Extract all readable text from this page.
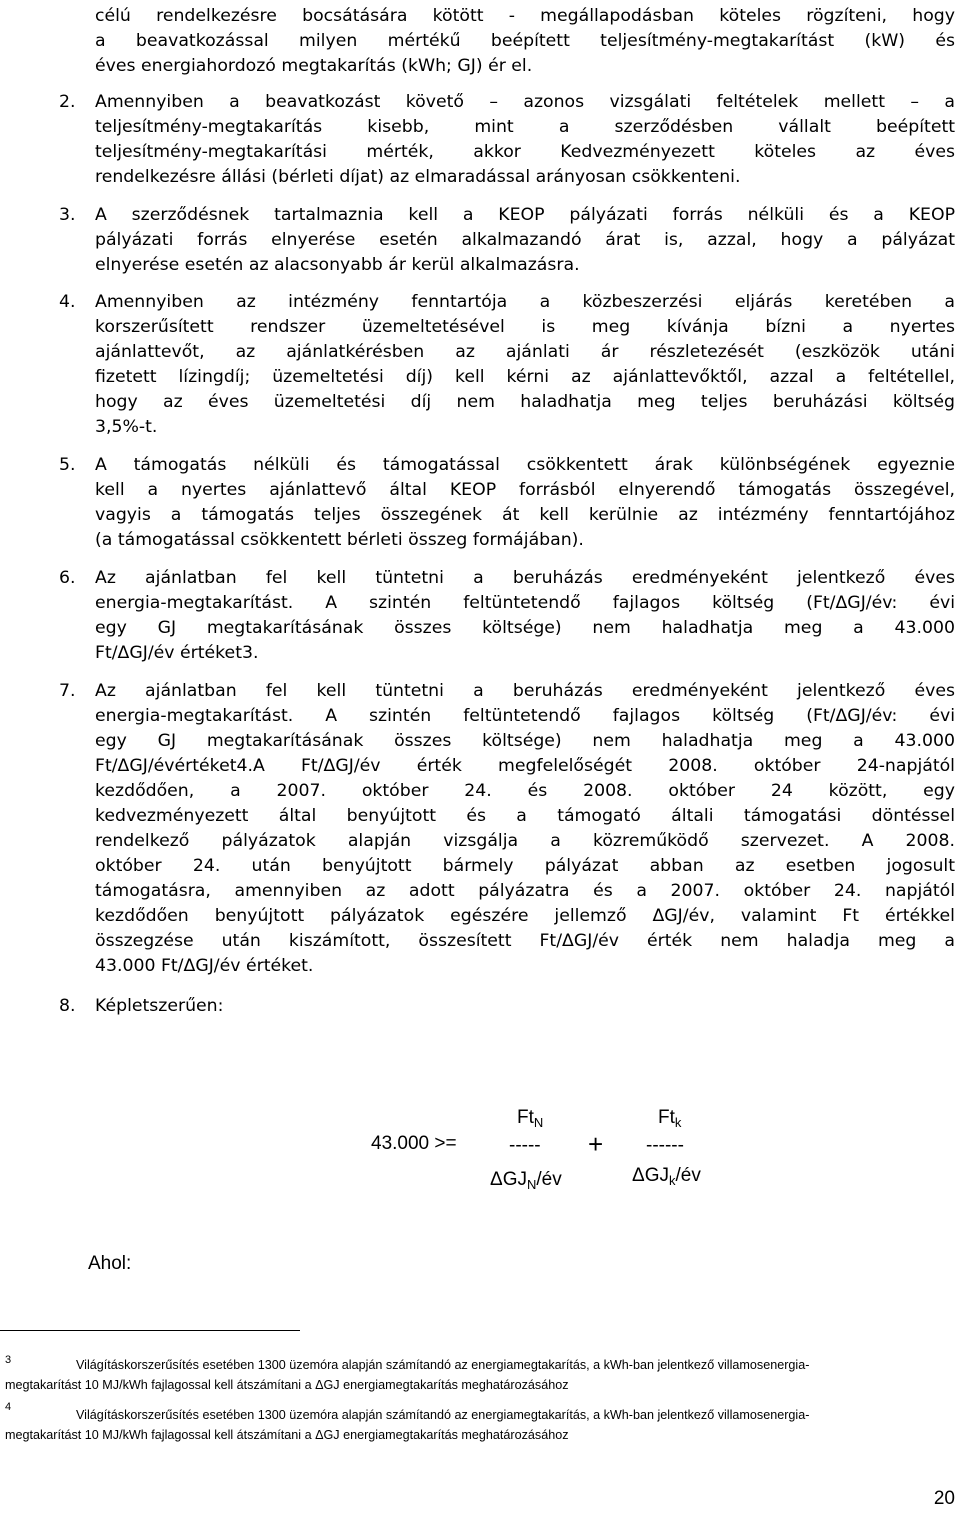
célú rendelkezésre bocsátására kötött - megállapodásban köteles rögzíteni, hogy
a beavatkozással milyen mértékű beépített teljesítmény-megtakarítást (kW) és
éves energiahordozó megtakarítás (kWh; GJ) ér el.
2. Amennyiben a beavatkozást követő – azonos vizsgálati feltételek mellett – a
teljesítmény-megtakarítás kisebb, mint a szerződésben vállalt beépített
teljesítmény-megtakarítási mérték, akkor Kedvezményezett köteles az éves
rendelkezésre állási (bérleti díjat) az elmaradással arányosan csökkenteni.
3. A szerződésnek tartalmaznia kell a KEOP pályázati forrás nélküli és a KEOP
pályázati forrás elnyerése esetén alkalmazandó árat is, azzal, hogy a pályázat
elnyerése esetén az alacsonyabb ár kerül alkalmazásra.
4. Amennyiben az intézmény fenntartója a közbeszerzési eljárás keretében a
korszerűsített rendszer üzemeltetésével is meg kívánja bízni a nyertes
ajánlattevőt, az ajánlatkérésben az ajánlati ár részletezését (eszközök utáni
fizetett lízingdíj; üzemeltetési díj) kell kérni az ajánlattevőktől, azzal a feltétellel,
hogy az éves üzemeltetési díj nem haladhatja meg teljes beruházási költség
3,5%-t.
5. A támogatás nélküli és támogatással csökkentett árak különbségének egyeznie
kell a nyertes ajánlattevő által KEOP forrásból elnyerendő támogatás összegével,
vagyis a támogatás teljes összegének át kell kerülnie az intézmény fenntartójához
(a támogatással csökkentett bérleti összeg formájában).
6. Az ajánlatban fel kell tüntetni a beruházás eredményeként jelentkező éves
energia-megtakarítást. A szintén feltüntetendő fajlagos költség (Ft/ΔGJ/év: évi
egy GJ megtakarításának összes költsége) nem haladhatja meg a 43.000
Ft/ΔGJ/év értéket3.
7. Az ajánlatban fel kell tüntetni a beruházás eredményeként jelentkező éves
energia-megtakarítást. A szintén feltüntetendő fajlagos költség (Ft/ΔGJ/év: évi
egy GJ megtakarításának összes költsége) nem haladhatja meg a 43.000
Ft/ΔGJ/évértéket4.A Ft/ΔGJ/év érték megfelelőségét 2008. október 24-napjától
kezdődően, a 2007. október 24. és 2008. október 24 között, egy
kedvezményezett által benyújtott és a támogató általi támogatási döntéssel
rendelkező pályázatok alapján vizsgálja a közreműködő szervezet. A 2008.
október 24. után benyújtott bármely pályázat abban az esetben jogosult
támogatásra, amennyiben az adott pályázatra és a 2007. október 24. napjától
kezdődően benyújtott pályázatok egészére jellemző ΔGJ/év, valamint Ft értékkel
összegzése után kiszámított, összesített Ft/ΔGJ/év érték nem haladja meg a
43.000 Ft/ΔGJ/év értéket.
8. Képletszerűen:
43.000 >=	+
$Ft_N$
-----
$\Delta GJ_N/év$
$Ft_k$
------
$\Delta GJ_k/év$
Ahol:
3	Világításkorszerűsítés esetében 1300 üzemóra alapján számítandó az energiamegtakarítás, a kWh-ban jelentkező villamosenergia-
megtakarítást 10 MJ/kWh fajlagossal kell átszámítani a ΔGJ energiamegtakarítás meghatározásához
4
Világításkorszerűsítés esetében 1300 üzemóra alapján számítandó az energiamegtakarítás, a kWh-ban jelentkező villamosenergia-
megtakarítást 10 MJ/kWh fajlagossal kell átszámítani a ΔGJ energiamegtakarítás meghatározásához
20
